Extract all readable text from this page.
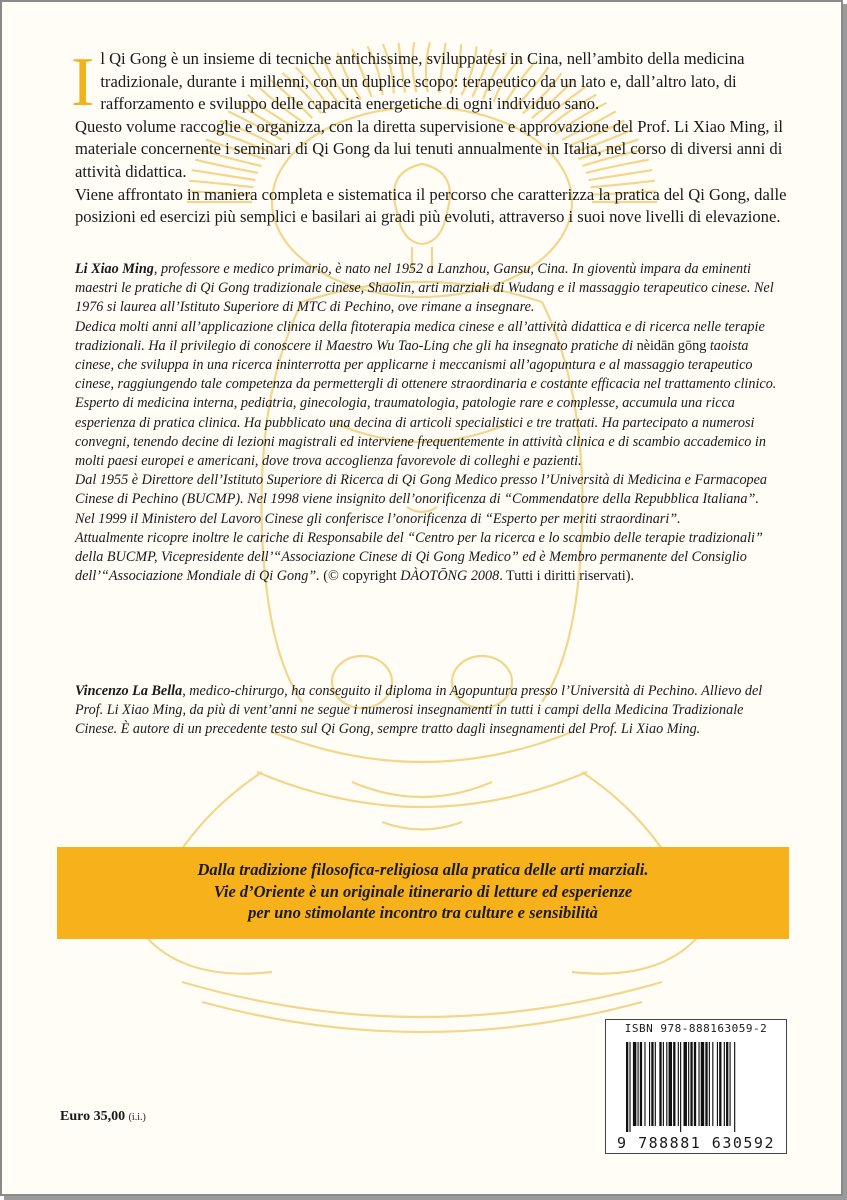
I l Qi Gong è un insieme di tecniche antichissime, sviluppatesi in Cina, nell’ambito della medicina tradizionale, durante i millenni, con un duplice scopo: terapeutico da un lato e, dall’altro lato, di rafforzamento e sviluppo delle capacità energetiche di ogni individuo sano.

Questo volume raccoglie e organizza, con la diretta supervisione e approvazione del Prof. Li Xiao Ming, il materiale concernente i seminari di Qi Gong da lui tenuti annualmente in Italia, nel corso di diversi anni di attività didattica.

Viene affrontato in maniera completa e sistematica il percorso che caratterizza la pratica del Qi Gong, dalle posizioni ed esercizi più semplici e basilari ai gradi più evoluti, attraverso i suoi nove livelli di elevazione.

Li Xiao Ming, professore e medico primario, è nato nel 1952 a Lanzhou, Gansu, Cina. In gioventù impara da eminenti maestri le pratiche di Qi Gong tradizionale cinese, Shaolin, arti marziali di Wudang e il massaggio terapeutico cinese. Nel 1976 si laurea all’Istituto Superiore di MTC di Pechino, ove rimane a insegnare.

Dedica molti anni all’applicazione clinica della fitoterapia medica cinese e all’attività didattica e di ricerca nelle terapie tradizionali. Ha il privilegio di conoscere il Maestro Wu Tao-Ling che gli ha insegnato pratiche di nèidān gōng taoista cinese, che sviluppa in una ricerca ininterrotta per applicarne i meccanismi all’agopuntura e al massaggio terapeutico cinese, raggiungendo tale competenza da permettergli di ottenere straordinaria e costante efficacia nel trattamento clinico.

Esperto di medicina interna, pediatria, ginecologia, traumatologia, patologie rare e complesse, accumula una ricca esperienza di pratica clinica. Ha pubblicato una decina di articoli specialistici e tre trattati. Ha partecipato a numerosi convegni, tenendo decine di lezioni magistrali ed interviene frequentemente in attività clinica e di scambio accademico in molti paesi europei e americani, dove trova accoglienza favorevole di colleghi e pazienti.

Dal 1955 è Direttore dell’Istituto Superiore di Ricerca di Qi Gong Medico presso l’Università di Medicina e Farmacopea Cinese di Pechino (BUCMP). Nel 1998 viene insignito dell’onorificenza di “Commendatore della Repubblica Italiana”.

Nel 1999 il Ministero del Lavoro Cinese gli conferisce l’onorificenza di “Esperto per meriti straordinari”.

Attualmente ricopre inoltre le cariche di Responsabile del “Centro per la ricerca e lo scambio delle terapie tradizionali” della BUCMP, Vicepresidente dell’“Associazione Cinese di Qi Gong Medico” ed è Membro permanente del Consiglio dell’“Associazione Mondiale di Qi Gong”. (© copyright DÀOTŌNG 2008. Tutti i diritti riservati).

Vincenzo La Bella, medico-chirurgo, ha conseguito il diploma in Agopuntura presso l’Università di Pechino. Allievo del Prof. Li Xiao Ming, da più di vent’anni ne segue i numerosi insegnamenti in tutti i campi della Medicina Tradizionale Cinese. È autore di un precedente testo sul Qi Gong, sempre tratto dagli insegnamenti del Prof. Li Xiao Ming.

Dalla tradizione filosofica-religiosa alla pratica delle arti marziali.
Vie d’Oriente è un originale itinerario di letture ed esperienze
per uno stimolante incontro tra culture e sensibilità
ISBN 978-888163059-2
9 788881 630592
Euro 35,00 (i.i.)
